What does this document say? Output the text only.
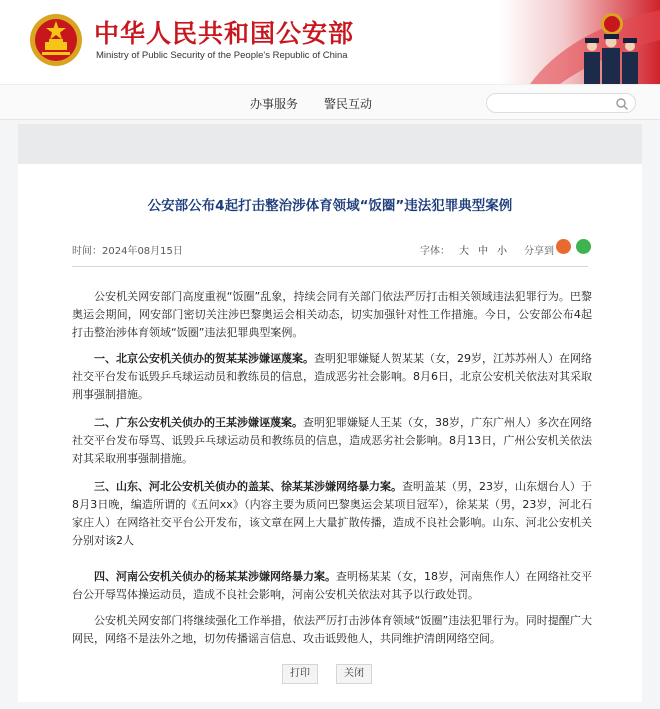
中华人民共和国公安部
Ministry of Public Security of the People's Republic of China
办事服务 警民互动
公安部公布4起打击整治涉体育领域“饭圈”违法犯罪典型案例
时间：2024年08月15日	字体： 大 中 小 分享到

公安机关网安部门高度重视“饭圈”乱象，持续会同有关部门依法严厉打击相关领域违法犯罪行为。巴黎奥运会期间，网安部门密切关注涉巴黎奥运会相关动态，切实加强针对性工作措施。今日，公安部公布4起打击整治涉体育领域“饭圈”违法犯罪典型案例。

一、北京公安机关侦办的贺某某涉嫌诬蔑案。查明犯罪嫌疑人贺某某（女，29岁，江苏苏州人）在网络社交平台发布诋毁乒乓球运动员和教练员的信息，造成恶劣社会影响。8月6日，北京公安机关依法对其采取刑事强制措施。

二、广东公安机关侦办的王某涉嫌诬蔑案。查明犯罪嫌疑人王某（女，38岁，广东广州人）多次在网络社交平台发布辱骂、诋毁乒乓球运动员和教练员的信息，造成恶劣社会影响。8月13日，广州公安机关依法对其采取刑事强制措施。

三、山东、河北公安机关侦办的盖某、徐某某涉嫌网络暴力案。查明盖某（男，23岁，山东烟台人）于8月3日晚，编造所谓的《五问xx》（内容主要为质问巴黎奥运会某项目冠军），徐某某（男，23岁，河北石家庄人）在网络社交平台公开发布，该文章在网上大量扩散传播，造成不良社会影响。山东、河北公安机关分别对该2人

四、河南公安机关侦办的杨某某涉嫌网络暴力案。查明杨某某（女，18岁，河南焦作人）在网络社交平台公开辱骂体操运动员，造成不良社会影响，河南公安机关依法对其予以行政处罚。

公安机关网安部门将继续强化工作举措，依法严厉打击涉体育领域“饭圈”违法犯罪行为。同时提醒广大网民，网络不是法外之地，切勿传播谣言信息、攻击诋毁他人，共同维护清朗网络空间。

打印	关闭
